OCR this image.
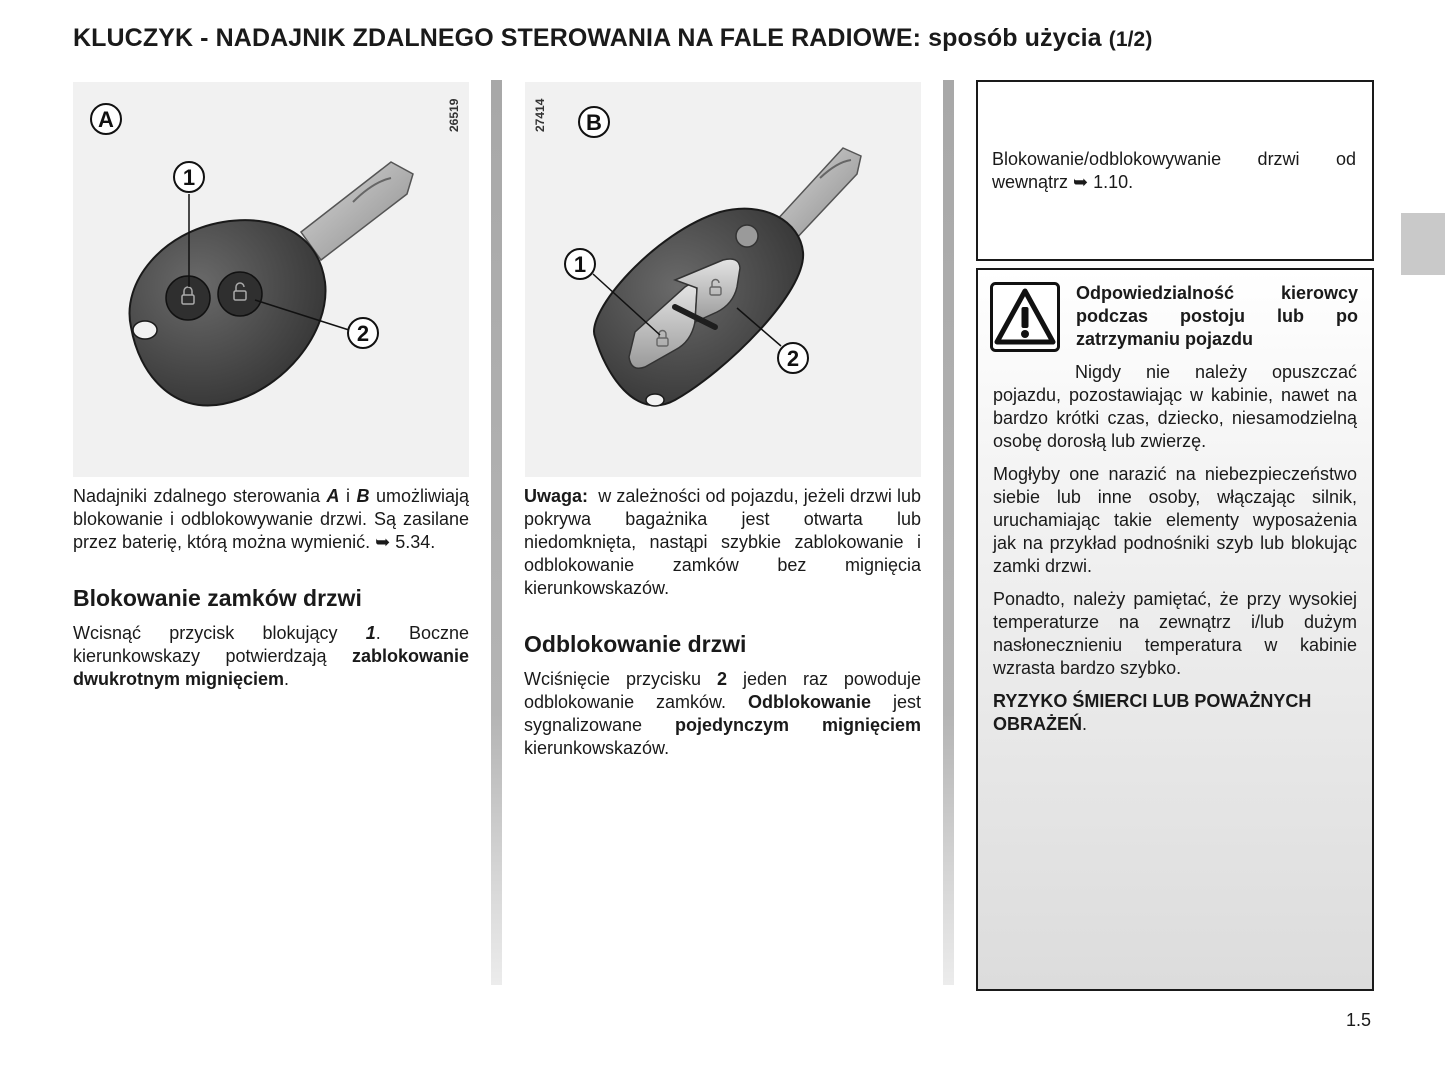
KLUCZYK - NADAJNIK ZDALNEGO STEROWANIA NA FALE RADIOWE: sposób użycia (1/2)
A
1
2
26519	B
1
2
27414

Nadajniki zdalnego sterowania A i B umożliwiają blokowanie i odblokowywanie drzwi. Są zasilane przez baterię, którą można wymienić. ➥ 5.34.

Blokowanie zamków drzwi

Wcisnąć przycisk blokujący 1. Boczne kierunkowskazy potwierdzają zablokowanie dwukrotnym mignięciem.

Uwaga:  w zależności od pojazdu, jeżeli drzwi lub pokrywa bagażnika jest otwarta lub niedomknięta, nastąpi szybkie zablokowanie i odblokowanie zamków bez mignięcia kierunkowskazów.

Odblokowanie drzwi

Wciśnięcie przycisku 2 jeden raz powoduje odblokowanie zamków. Odblokowanie jest sygnalizowane pojedynczym mignięciem kierunkowskazów.

Blokowanie/odblokowywanie drzwi od wewnątrz ➥ 1.10.

Odpowiedzialność kierowcy podczas postoju lub po zatrzymaniu pojazdu

Nigdy nie należy opuszczać pojazdu, pozostawiając w kabinie, nawet na bardzo krótki czas, dziecko, niesamodzielną osobę dorosłą lub zwierzę.

Mogłyby one narazić na niebezpieczeństwo siebie lub inne osoby, włączając silnik, uruchamiając takie elementy wyposażenia jak na przykład podnośniki szyb lub blokując zamki drzwi.

Ponadto, należy pamiętać, że przy wysokiej temperaturze na zewnątrz i/lub dużym nasłonecznieniu temperatura w kabinie wzrasta bardzo szybko.

RYZYKO ŚMIERCI LUB POWAŻNYCH OBRAŻEŃ.

1.5
